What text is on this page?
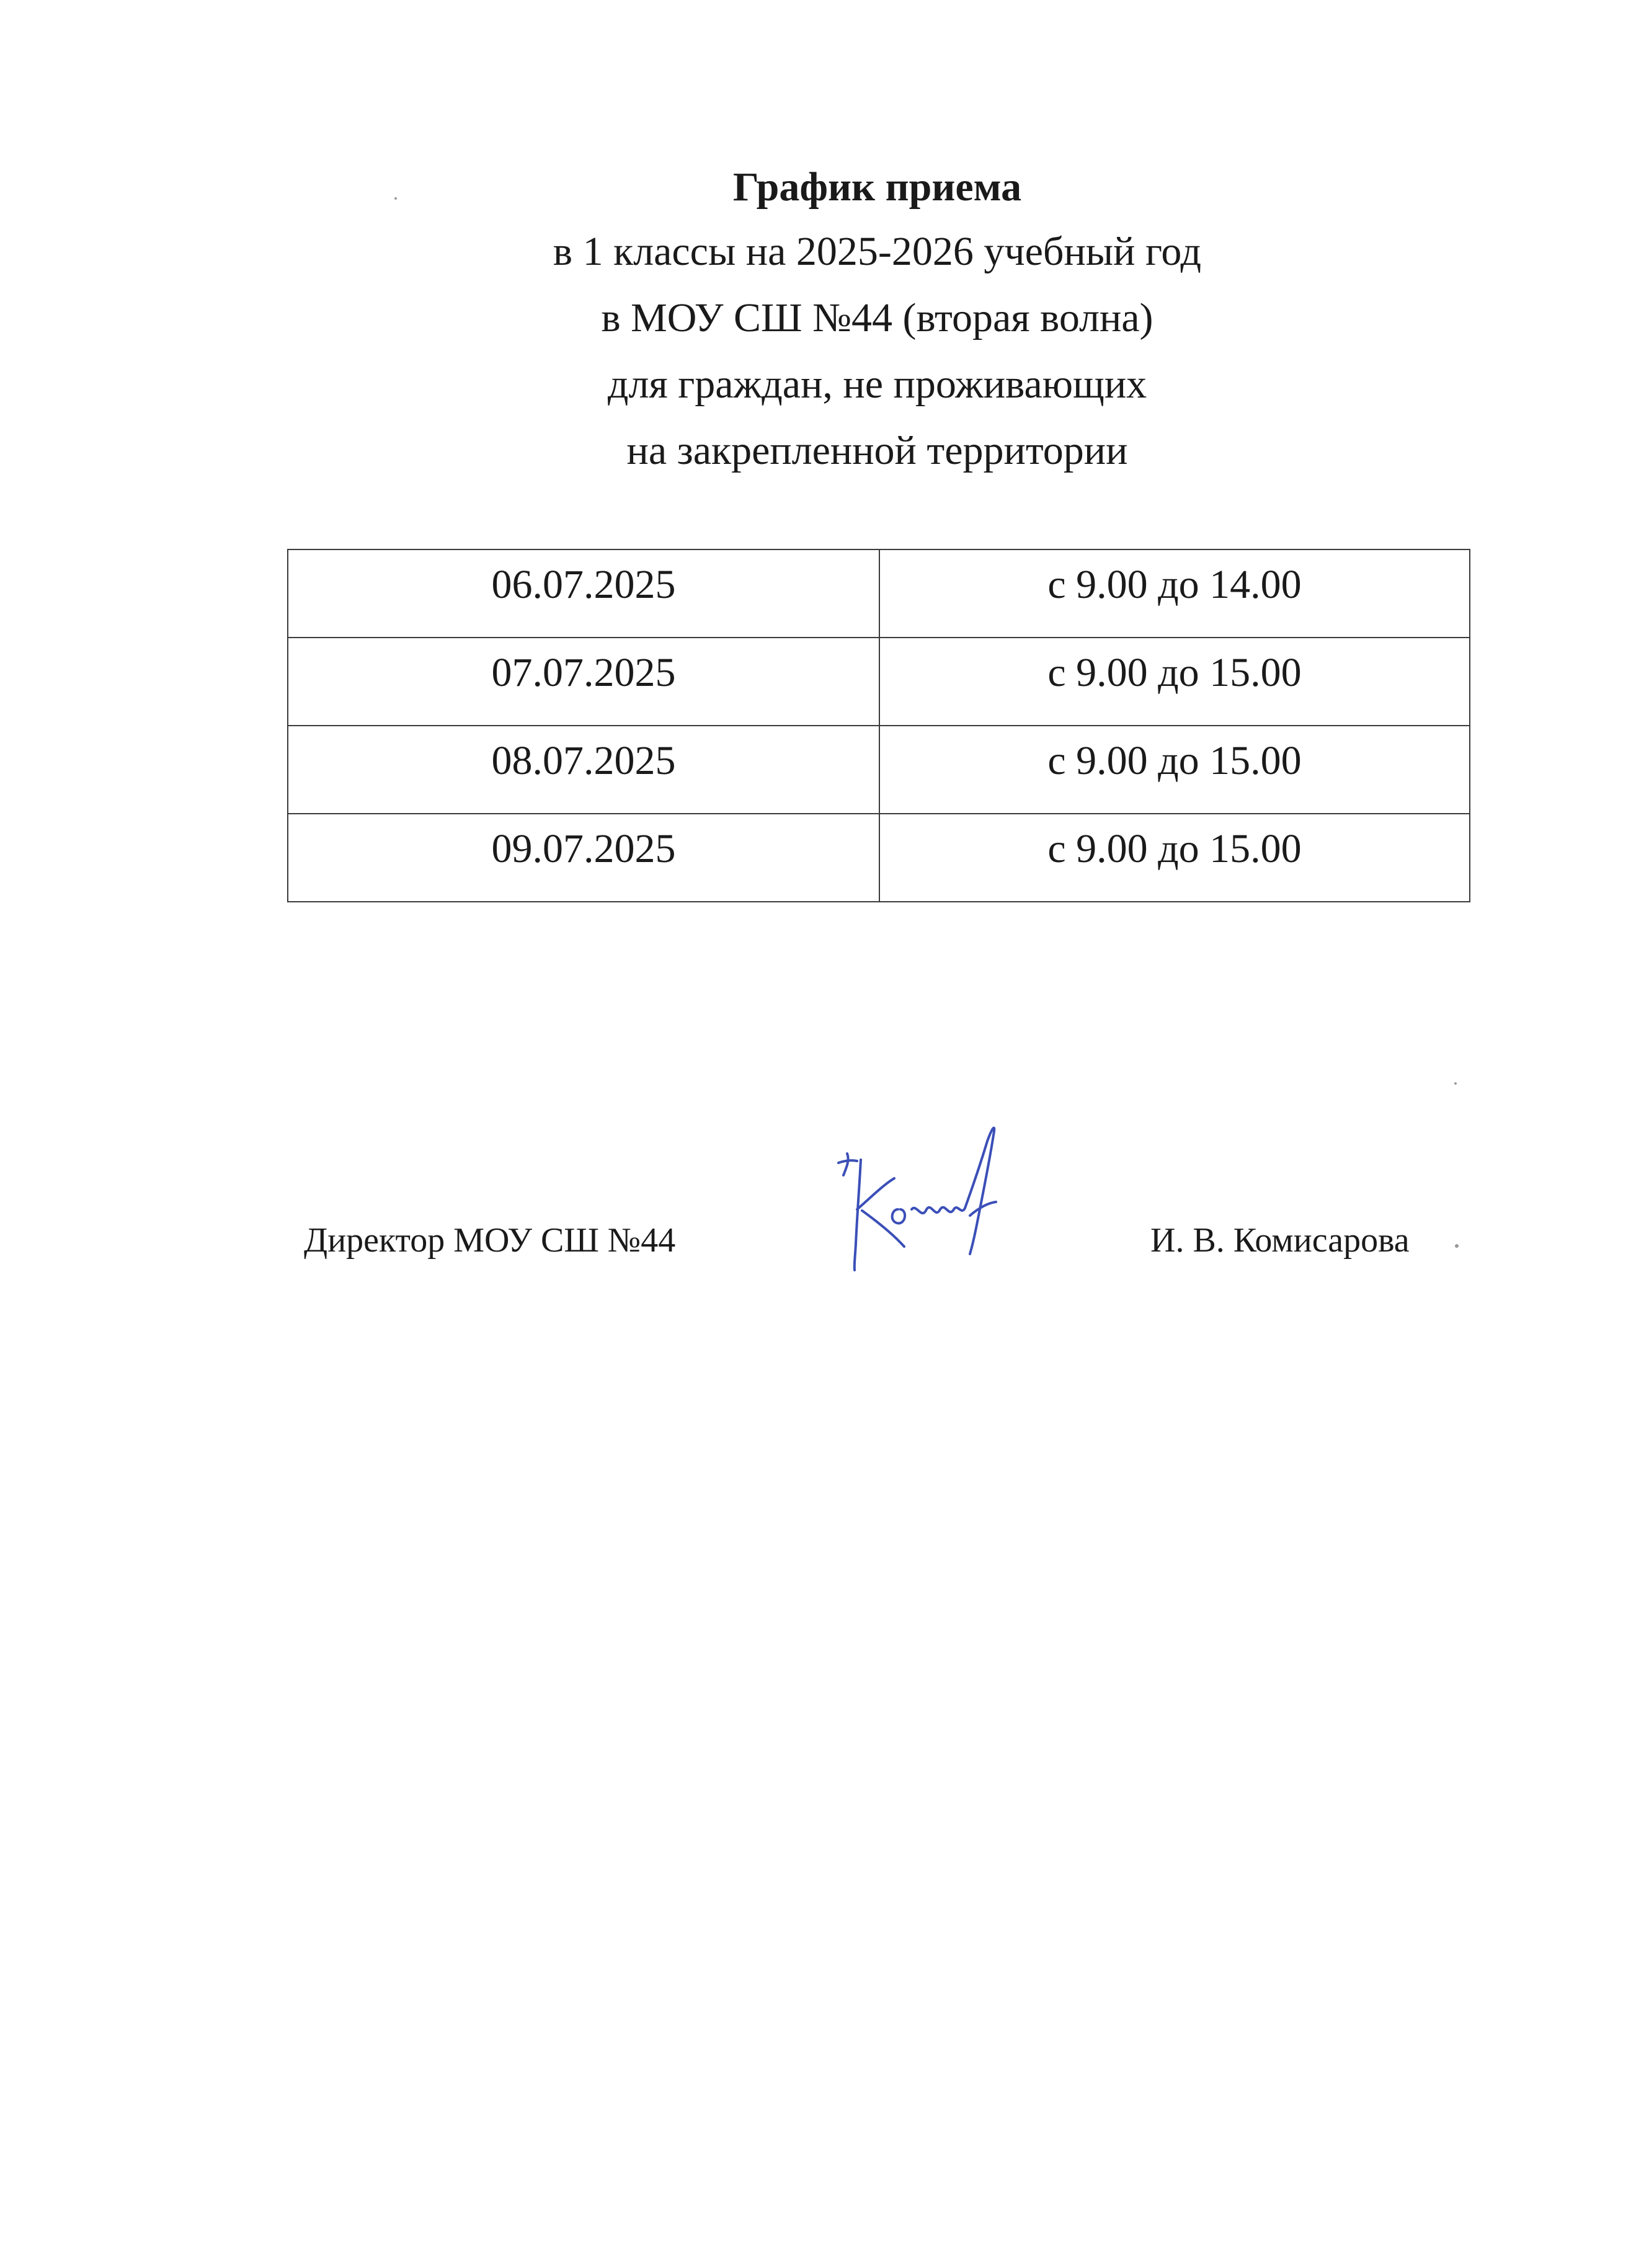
График приема
в 1 классы на 2025-2026 учебный год
в МОУ СШ №44 (вторая волна)
для граждан, не проживающих
на закрепленной территории
06.07.2025	с 9.00 до 14.00
07.07.2025	с 9.00 до 15.00
08.07.2025	с 9.00 до 15.00
09.07.2025	с 9.00 до 15.00
Директор МОУ СШ №44	И. В. Комисарова
